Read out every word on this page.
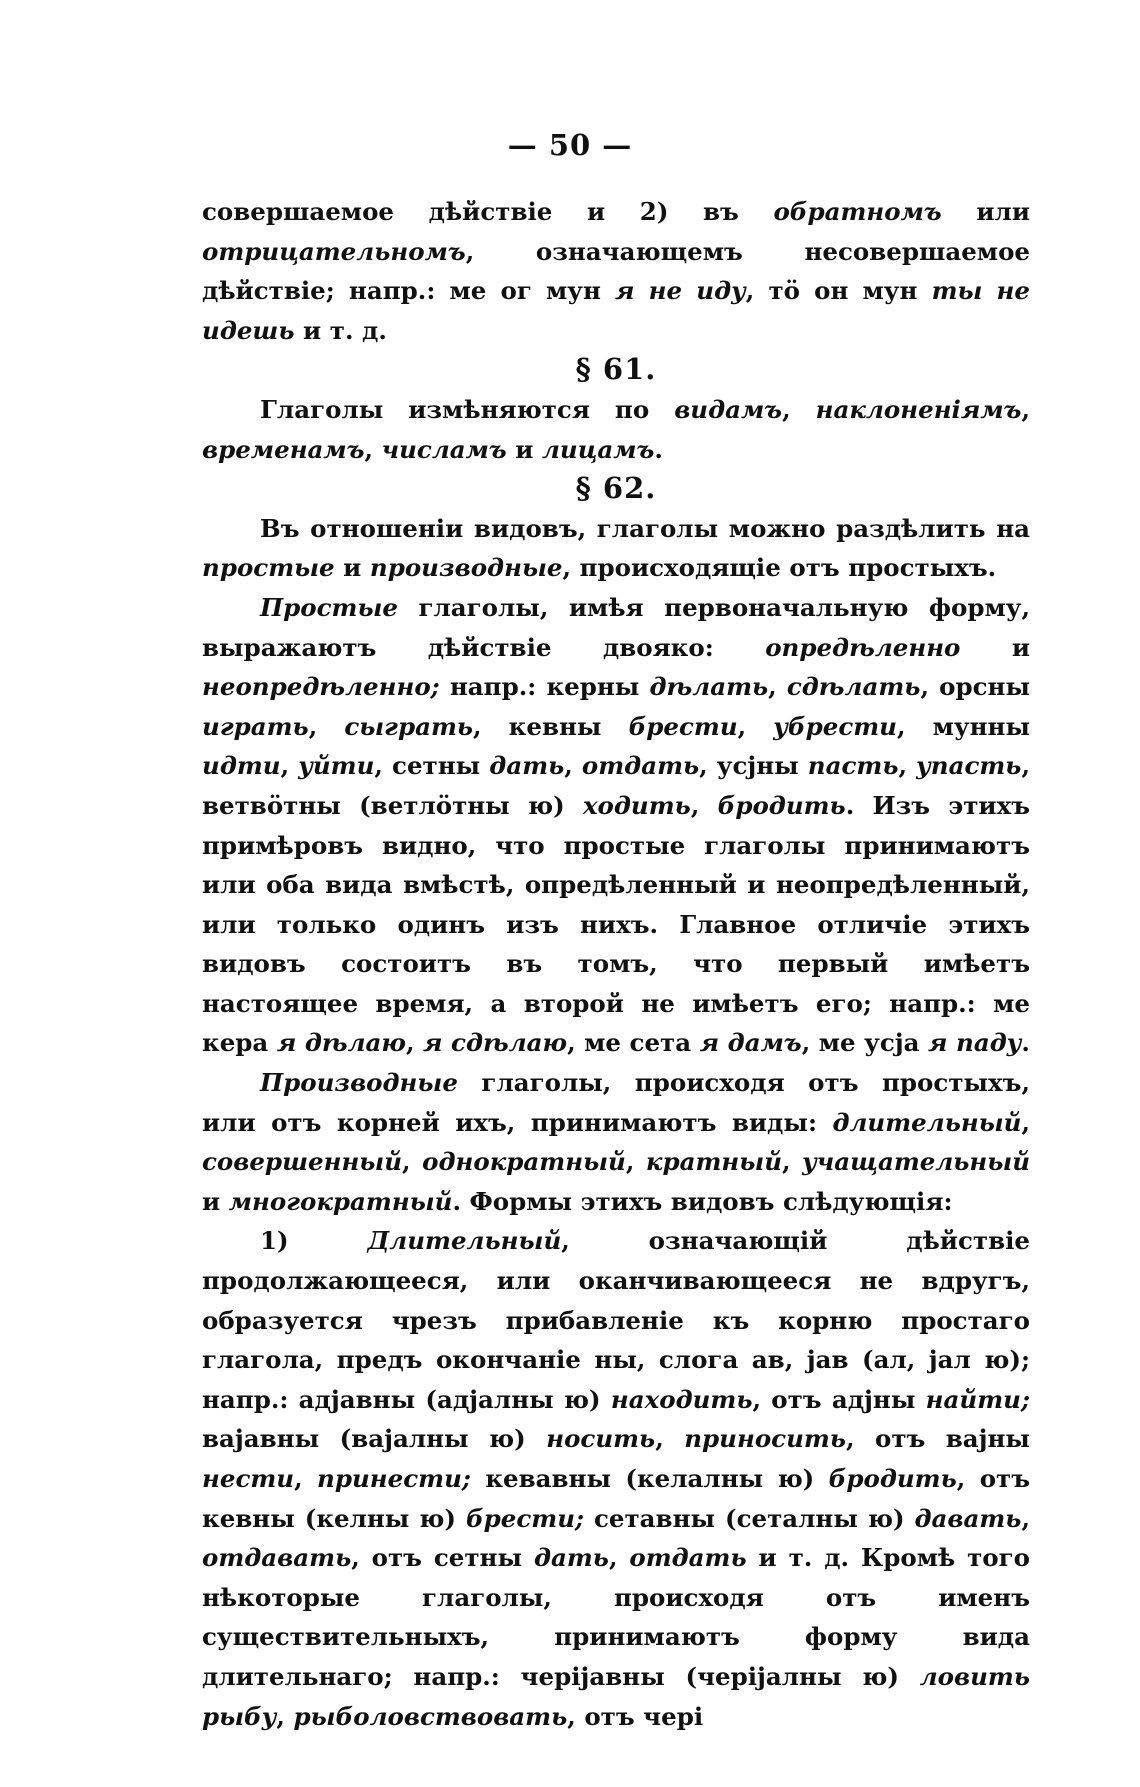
— 50 —

совершаемое дѣйствіе и 2) въ обратномъ или отрицательномъ, означающемъ несовершаемое дѣйствіе; напр.: ме ог мун я не иду, тӧ он мун ты не идешь и т. д.

§ 61.

Глаголы измѣняются по видамъ, наклоненіямъ, временамъ, числамъ и лицамъ.

§ 62.

Въ отношеніи видовъ, глаголы можно раздѣлить на простые и производные, происходящіе отъ простыхъ.

Простые глаголы, имѣя первоначальную форму, выражаютъ дѣйствіе двояко: опредѣленно и неопредѣленно; напр.: керны дѣлать, сдѣлать, орсны играть, сыграть, кевны брести, убрести, мунны идти, уйти, сетны дать, отдать, усјны пасть, упасть, ветвӧтны (ветлӧтны ю) ходить, бродить. Изъ этихъ примѣровъ видно, что простые глаголы принимаютъ или оба вида вмѣстѣ, опредѣленный и неопредѣленный, или только одинъ изъ нихъ. Главное отличіе этихъ видовъ состоитъ въ томъ, что первый имѣетъ настоящее время, а второй не имѣетъ его; напр.: ме кера я дѣлаю, я сдѣлаю, ме сета я дамъ, ме усја я паду.

Производные глаголы, происходя отъ простыхъ, или отъ корней ихъ, принимаютъ виды: длительный, совершенный, однократный, кратный, учащательный и многократный. Формы этихъ видовъ слѣдующія:

1) Длительный, означающій дѣйствіе продолжающееся, или оканчивающееся не вдругъ, образуется чрезъ прибавленіе къ корню простаго глагола, предъ окончаніе ны, слога ав, јав (ал, јал ю); напр.: адјавны (адјалны ю) находить, отъ адјны найти; ваjавны (ваjалны ю) носить, приносить, отъ ваjны нести, принести; кевавны (келалны ю) бродить, отъ кевны (келны ю) брести; сетавны (сеталны ю) давать, отдавать, отъ сетны дать, отдать и т. д. Кромѣ того нѣкоторые глаголы, происходя отъ именъ существительныхъ, принимаютъ форму вида длительнаго; напр.: черіјавны (черіјалны ю) ловить рыбу, рыболовствовать, отъ чері
